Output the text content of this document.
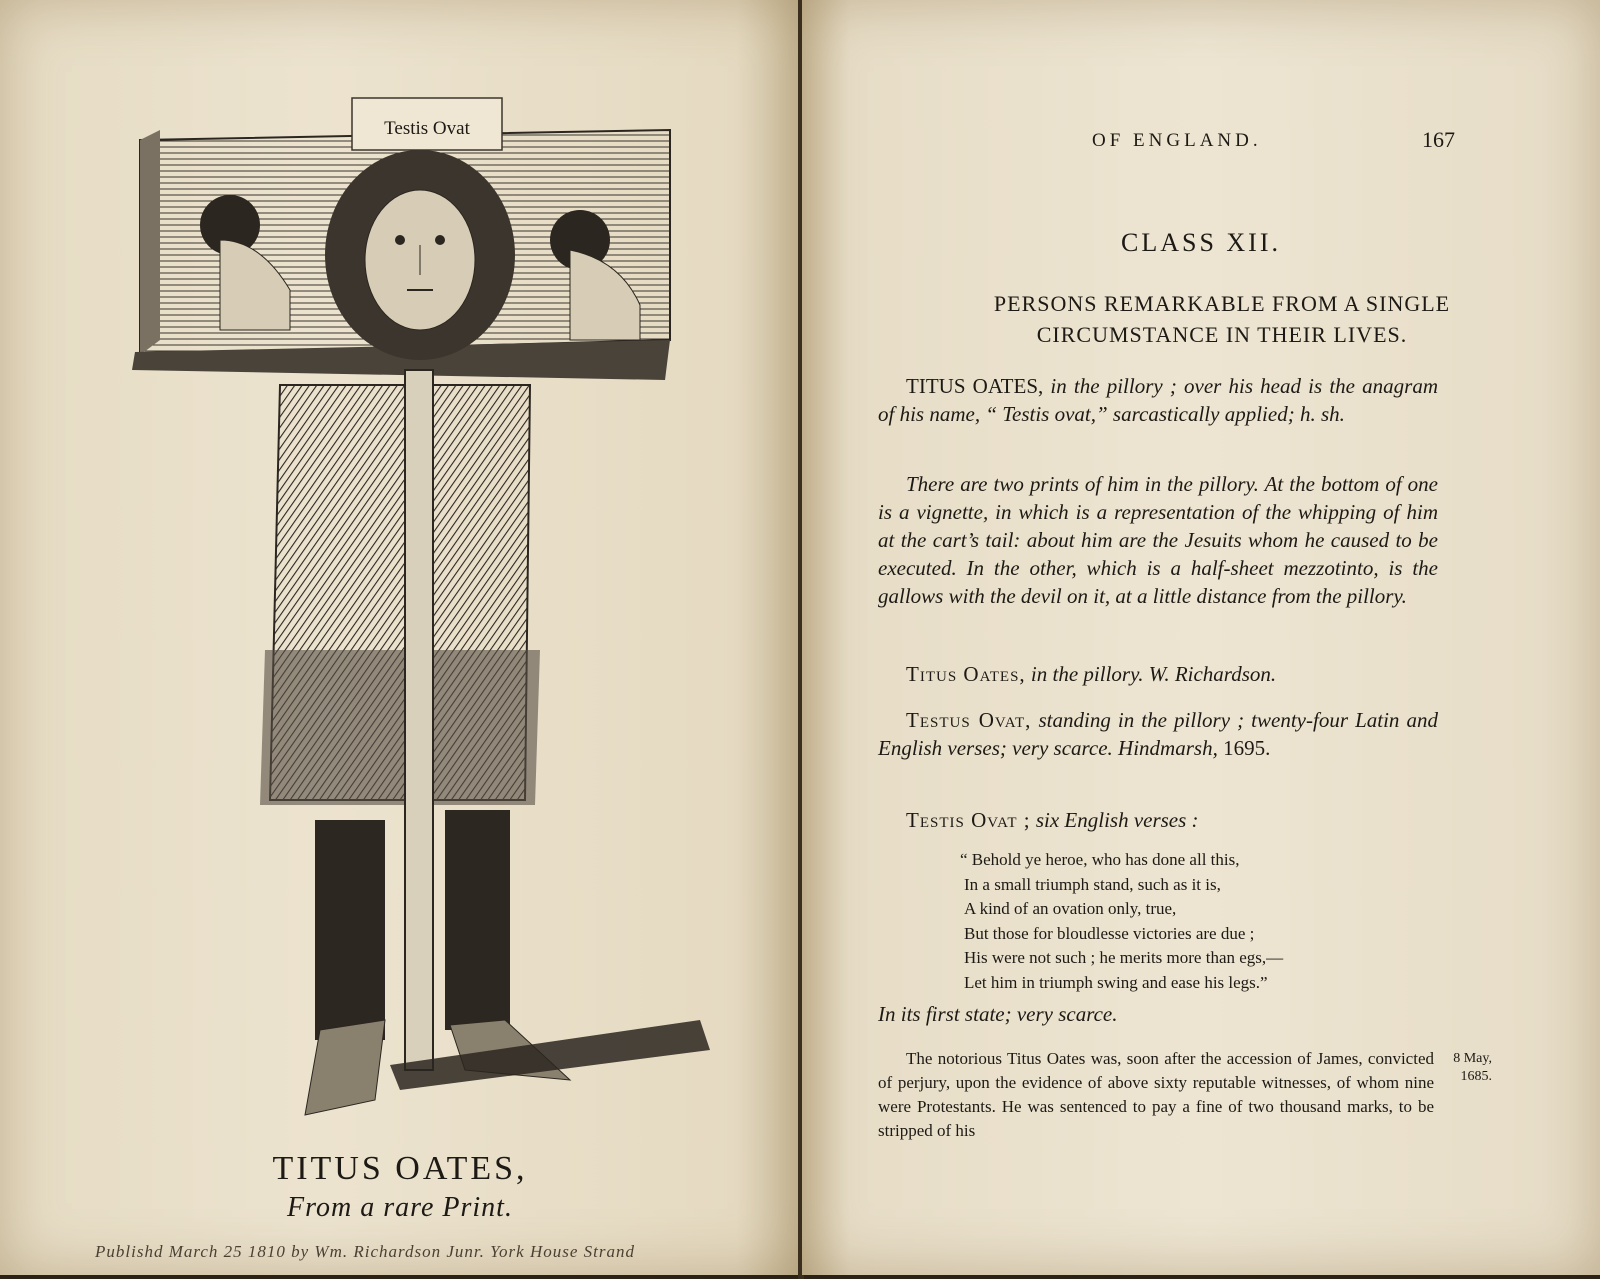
Testis Ovat
TITUS OATES,
From a rare Print.
Publishd March 25 1810 by Wm. Richardson Junr. York House Strand
OF ENGLAND.	167
CLASS XII.
PERSONS REMARKABLE FROM A SINGLE
CIRCUMSTANCE IN THEIR LIVES.
TITUS OATES, in the pillory ; over his head is the anagram of his name, “ Testis ovat,” sarcastically applied; h. sh.
There are two prints of him in the pillory. At the bottom of one is a vignette, in which is a representation of the whipping of him at the cart’s tail: about him are the Jesuits whom he caused to be executed. In the other, which is a half-sheet mezzotinto, is the gallows with the devil on it, at a little distance from the pillory.
Titus Oates, in the pillory. W. Richardson.
Testus Ovat, standing in the pillory ; twenty-four Latin and English verses; very scarce. Hindmarsh, 1695.
Testis Ovat ; six English verses :
“ Behold ye heroe, who has done all this,
In a small triumph stand, such as it is,
A kind of an ovation only, true,
But those for bloudlesse victories are due ;
His were not such ; he merits more than egs,—
Let him in triumph swing and ease his legs.”
In its first state; very scarce.
The notorious Titus Oates was, soon after the accession of James, convicted of perjury, upon the evidence of above sixty reputable witnesses, of whom nine were Protestants. He was sentenced to pay a fine of two thousand marks, to be stripped of his
8 May,
1685.
